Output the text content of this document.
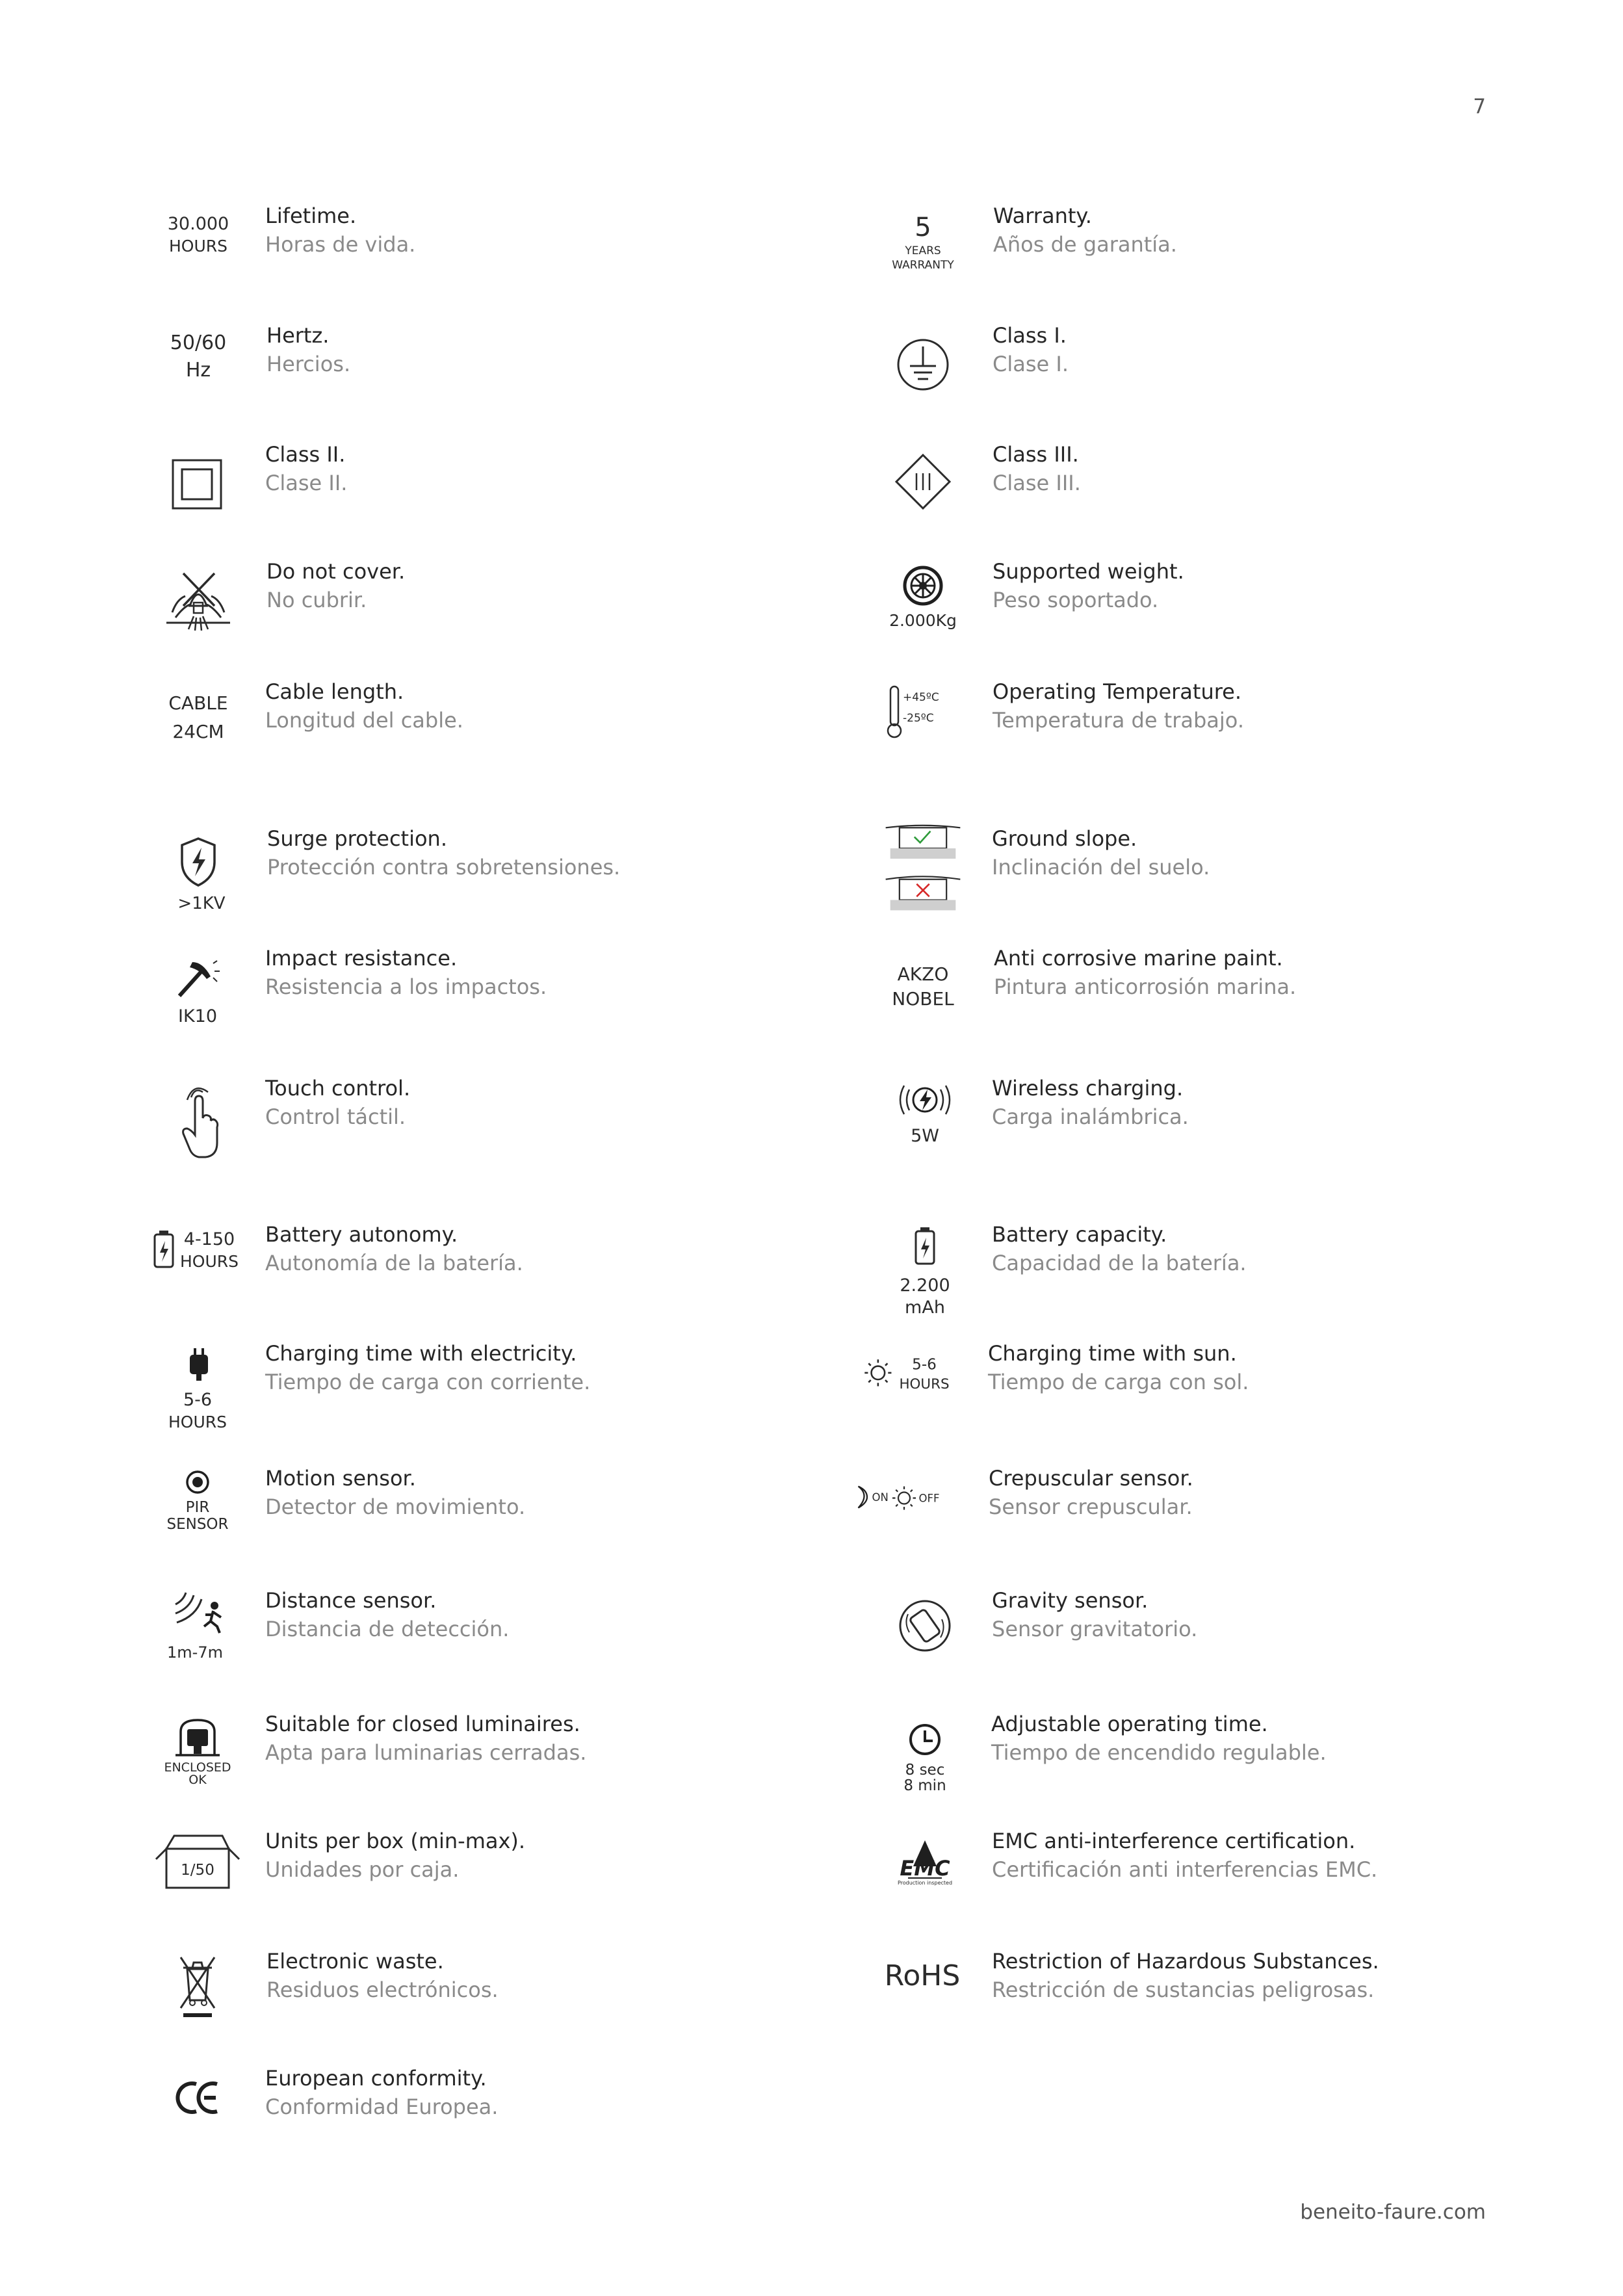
7
30.000
HOURS
Lifetime.
Horas de vida.
50/60
Hz
Hertz.
Hercios.
Class II.
Clase II.
Do not cover.
No cubrir.
CABLE
24CM
Cable length.
Longitud del cable.
>1KV
Surge protection.
Protección contra sobretensiones.
IK10
Impact resistance.
Resistencia a los impactos.
Touch control.
Control táctil.
4-150
HOURS
Battery autonomy.
Autonomía de la batería.
5-6
HOURS
Charging time with electricity.
Tiempo de carga con corriente.
PIR
SENSOR
Motion sensor.
Detector de movimiento.
1m-7m
Distance sensor.
Distancia de detección.
ENCLOSED
OK
Suitable for closed luminaires.
Apta para luminarias cerradas.
1/50
Units per box (min-max).
Unidades por caja.
Electronic waste.
Residuos electrónicos.
European conformity.
Conformidad Europea.
5
YEARS
WARRANTY
Warranty.
Años de garantía.
Class I.
Clase I.
Class III.
Clase III.
2.000Kg
Supported weight.
Peso soportado.
+45ºC
-25ºC
Operating Temperature.
Temperatura de trabajo.
Ground slope.
Inclinación del suelo.
AKZO
NOBEL
Anti corrosive marine paint.
Pintura anticorrosión marina.
5W
Wireless charging.
Carga inalámbrica.
2.200
mAh
Battery capacity.
Capacidad de la batería.
5-6
HOURS
Charging time with sun.
Tiempo de carga con sol.
ON OFF
Crepuscular sensor.
Sensor crepuscular.
Gravity sensor.
Sensor gravitatorio.
8 sec
8 min
Adjustable operating time.
Tiempo de encendido regulable.
EMC
Production inspected
EMC anti-interference certification.
Certificación anti interferencias EMC.
RoHS Restriction of Hazardous Substances.
Restricción de sustancias peligrosas.
beneito-faure.com
